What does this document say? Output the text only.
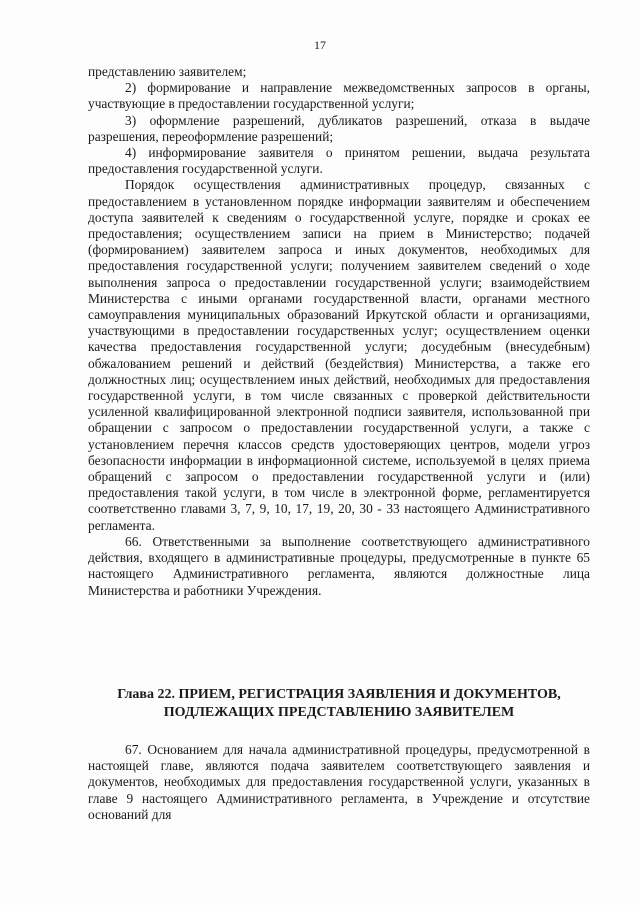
17

представлению заявителем;

2) формирование и направление межведомственных запросов в органы, участвующие в предоставлении государственной услуги;

3) оформление разрешений, дубликатов разрешений, отказа в выдаче разрешения, переоформление разрешений;

4) информирование заявителя о принятом решении, выдача результата предоставления государственной услуги.

Порядок осуществления административных процедур, связанных с предоставлением в установленном порядке информации заявителям и обеспечением доступа заявителей к сведениям о государственной услуге, порядке и сроках ее предоставления; осуществлением записи на прием в Министерство; подачей (формированием) заявителем запроса и иных документов, необходимых для предоставления государственной услуги; получением заявителем сведений о ходе выполнения запроса о предоставлении государственной услуги; взаимодействием Министерства с иными органами государственной власти, органами местного самоуправления муниципальных образований Иркутской области и организациями, участвующими в предоставлении государственных услуг; осуществлением оценки качества предоставления государственной услуги; досудебным (внесудебным) обжалованием решений и действий (бездействия) Министерства, а также его должностных лиц; осуществлением иных действий, необходимых для предоставления государственной услуги, в том числе связанных с проверкой действительности усиленной квалифицированной электронной подписи заявителя, использованной при обращении с запросом о предоставлении государственной услуги, а также с установлением перечня классов средств удостоверяющих центров, модели угроз безопасности информации в информационной системе, используемой в целях приема обращений с запросом о предоставлении государственной услуги и (или) предоставления такой услуги, в том числе в электронной форме, регламентируется соответственно главами 3, 7, 9, 10, 17, 19, 20, 30 - 33 настоящего Административного регламента.

66. Ответственными за выполнение соответствующего административного действия, входящего в административные процедуры, предусмотренные в пункте 65 настоящего Административного регламента, являются должностные лица Министерства и работники Учреждения.

Глава 22. ПРИЕМ, РЕГИСТРАЦИЯ ЗАЯВЛЕНИЯ И ДОКУМЕНТОВ,
ПОДЛЕЖАЩИХ ПРЕДСТАВЛЕНИЮ ЗАЯВИТЕЛЕМ

67. Основанием для начала административной процедуры, предусмотренной в настоящей главе, являются подача заявителем соответствующего заявления и документов, необходимых для предоставления государственной услуги, указанных в главе 9 настоящего Административного регламента, в Учреждение и отсутствие оснований для
